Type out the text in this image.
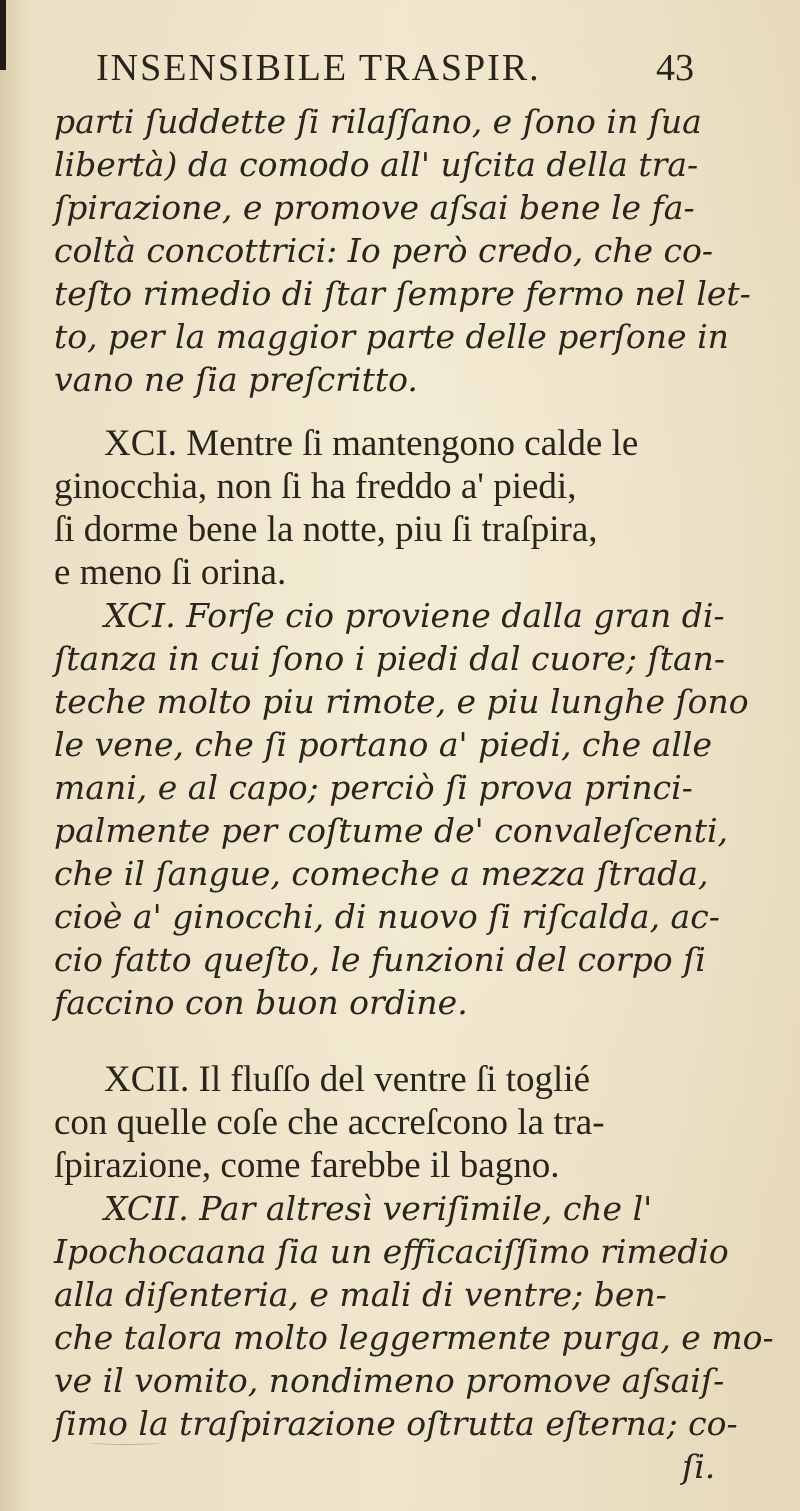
INSENSIBILE TRASPIR.	43
parti ſuddette ſi rilaſſano, e ſono in ſua
libertà) da comodo all' uſcita della tra-
ſpirazione, e promove aſsai bene le fa-
coltà concottrici: Io però credo, che co-
teſto rimedio di ſtar ſempre fermo nel let-
to, per la maggior parte delle perſone in
vano ne ſia preſcritto.
XCI. Mentre ſi mantengono calde le
ginocchia, non ſi ha freddo a' piedi,
ſi dorme bene la notte, piu ſi traſpira,
e meno ſi orina.
XCI. Forſe cio proviene dalla gran di-
ſtanza in cui ſono i piedi dal cuore; ſtan-
teche molto piu rimote, e piu lunghe ſono
le vene, che ſi portano a' piedi, che alle
mani, e al capo; perciò ſi prova princi-
palmente per coſtume de' convaleſcenti,
che il ſangue, comeche a mezza ſtrada,
cioè a' ginocchi, di nuovo ſi riſcalda, ac-
cio fatto queſto, le funzioni del corpo ſi
faccino con buon ordine.
XCII. Il fluſſo del ventre ſi toglié
con quelle coſe che accreſcono la tra-
ſpirazione, come farebbe il bagno.
XCII. Par altresì veriſimile, che l'
Ipochocaana ſia un efficaciſſimo rimedio
alla diſenteria, e mali di ventre; ben-
che talora molto leggermente purga, e mo-
ve il vomito, nondimeno promove aſsaiſ-
ſimo la traſpirazione oſtrutta eſterna; co-
ſi.
